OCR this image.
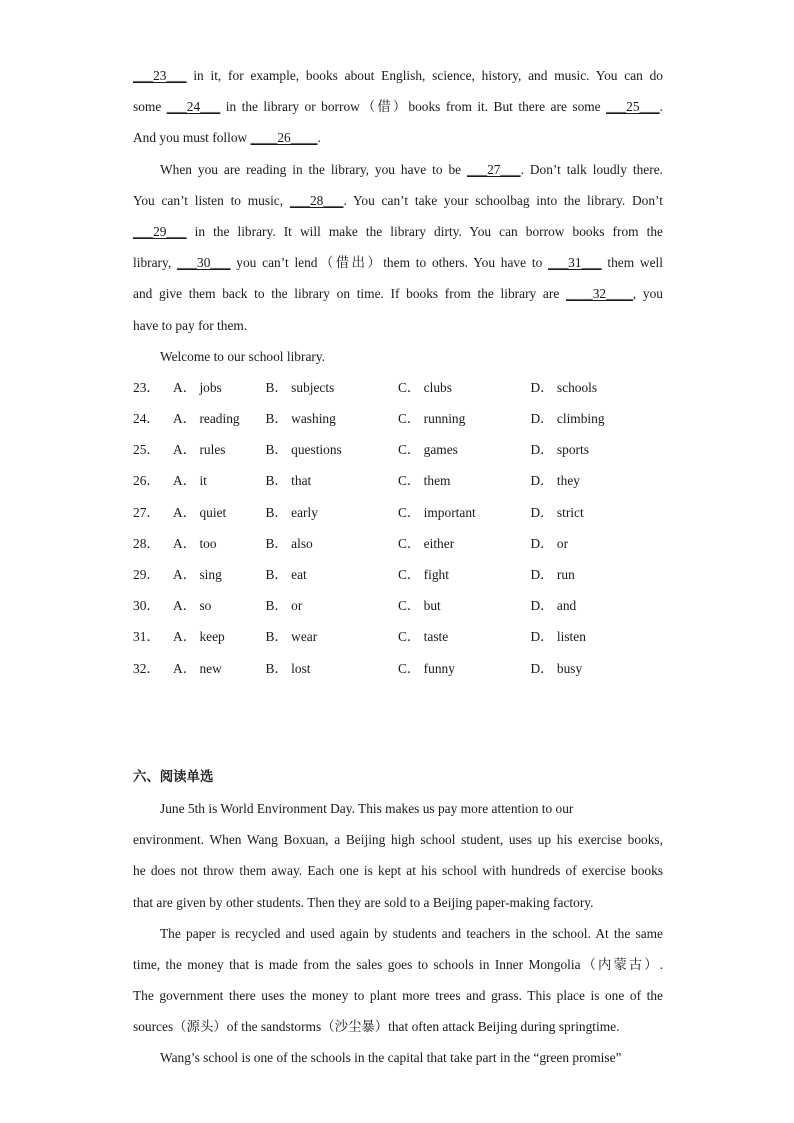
___23___ in it, for example, books about English, science, history, and music. You can do
some ___24___ in the library or borrow（借）books from it. But there are some ___25___.
And you must follow ____26____.
When you are reading in the library, you have to be ___27___. Don’t talk loudly there.
You can’t listen to music, ___28___. You can’t take your schoolbag into the library. Don’t
___29___ in the library. It will make the library dirty. You can borrow books from the
library, ___30___ you can’t lend（借出）them to others. You have to ___31___ them well
and give them back to the library on time. If books from the library are ____32____, you
have to pay for them.
Welcome to our school library.
23． A． jobs	B． subjects	C． clubs	D． schools
24． A． reading	B． washing	C． running	D． climbing
25． A． rules	B． questions	C． games	D． sports
26． A． it	B． that	C． them	D． they
27． A． quiet	B． early	C． important	D． strict
28． A． too	B． also	C． either	D． or
29． A． sing	B． eat	C． fight	D． run
30． A． so	B． or	C． but	D． and
31． A． keep	B． wear	C． taste	D． listen
32． A． new	B． lost	C． funny	D． busy
六、阅读单选
June 5th is World Environment Day. This makes us pay more attention to our
environment. When Wang Boxuan, a Beijing high school student, uses up his exercise books,
he does not throw them away. Each one is kept at his school with hundreds of exercise books
that are given by other students. Then they are sold to a Beijing paper-making factory.
The paper is recycled and used again by students and teachers in the school. At the same
time, the money that is made from the sales goes to schools in Inner Mongolia（内蒙古）.
The government there uses the money to plant more trees and grass. This place is one of the
sources（源头）of the sandstorms（沙尘暴）that often attack Beijing during springtime.
Wang’s school is one of the schools in the capital that take part in the “green promise”
